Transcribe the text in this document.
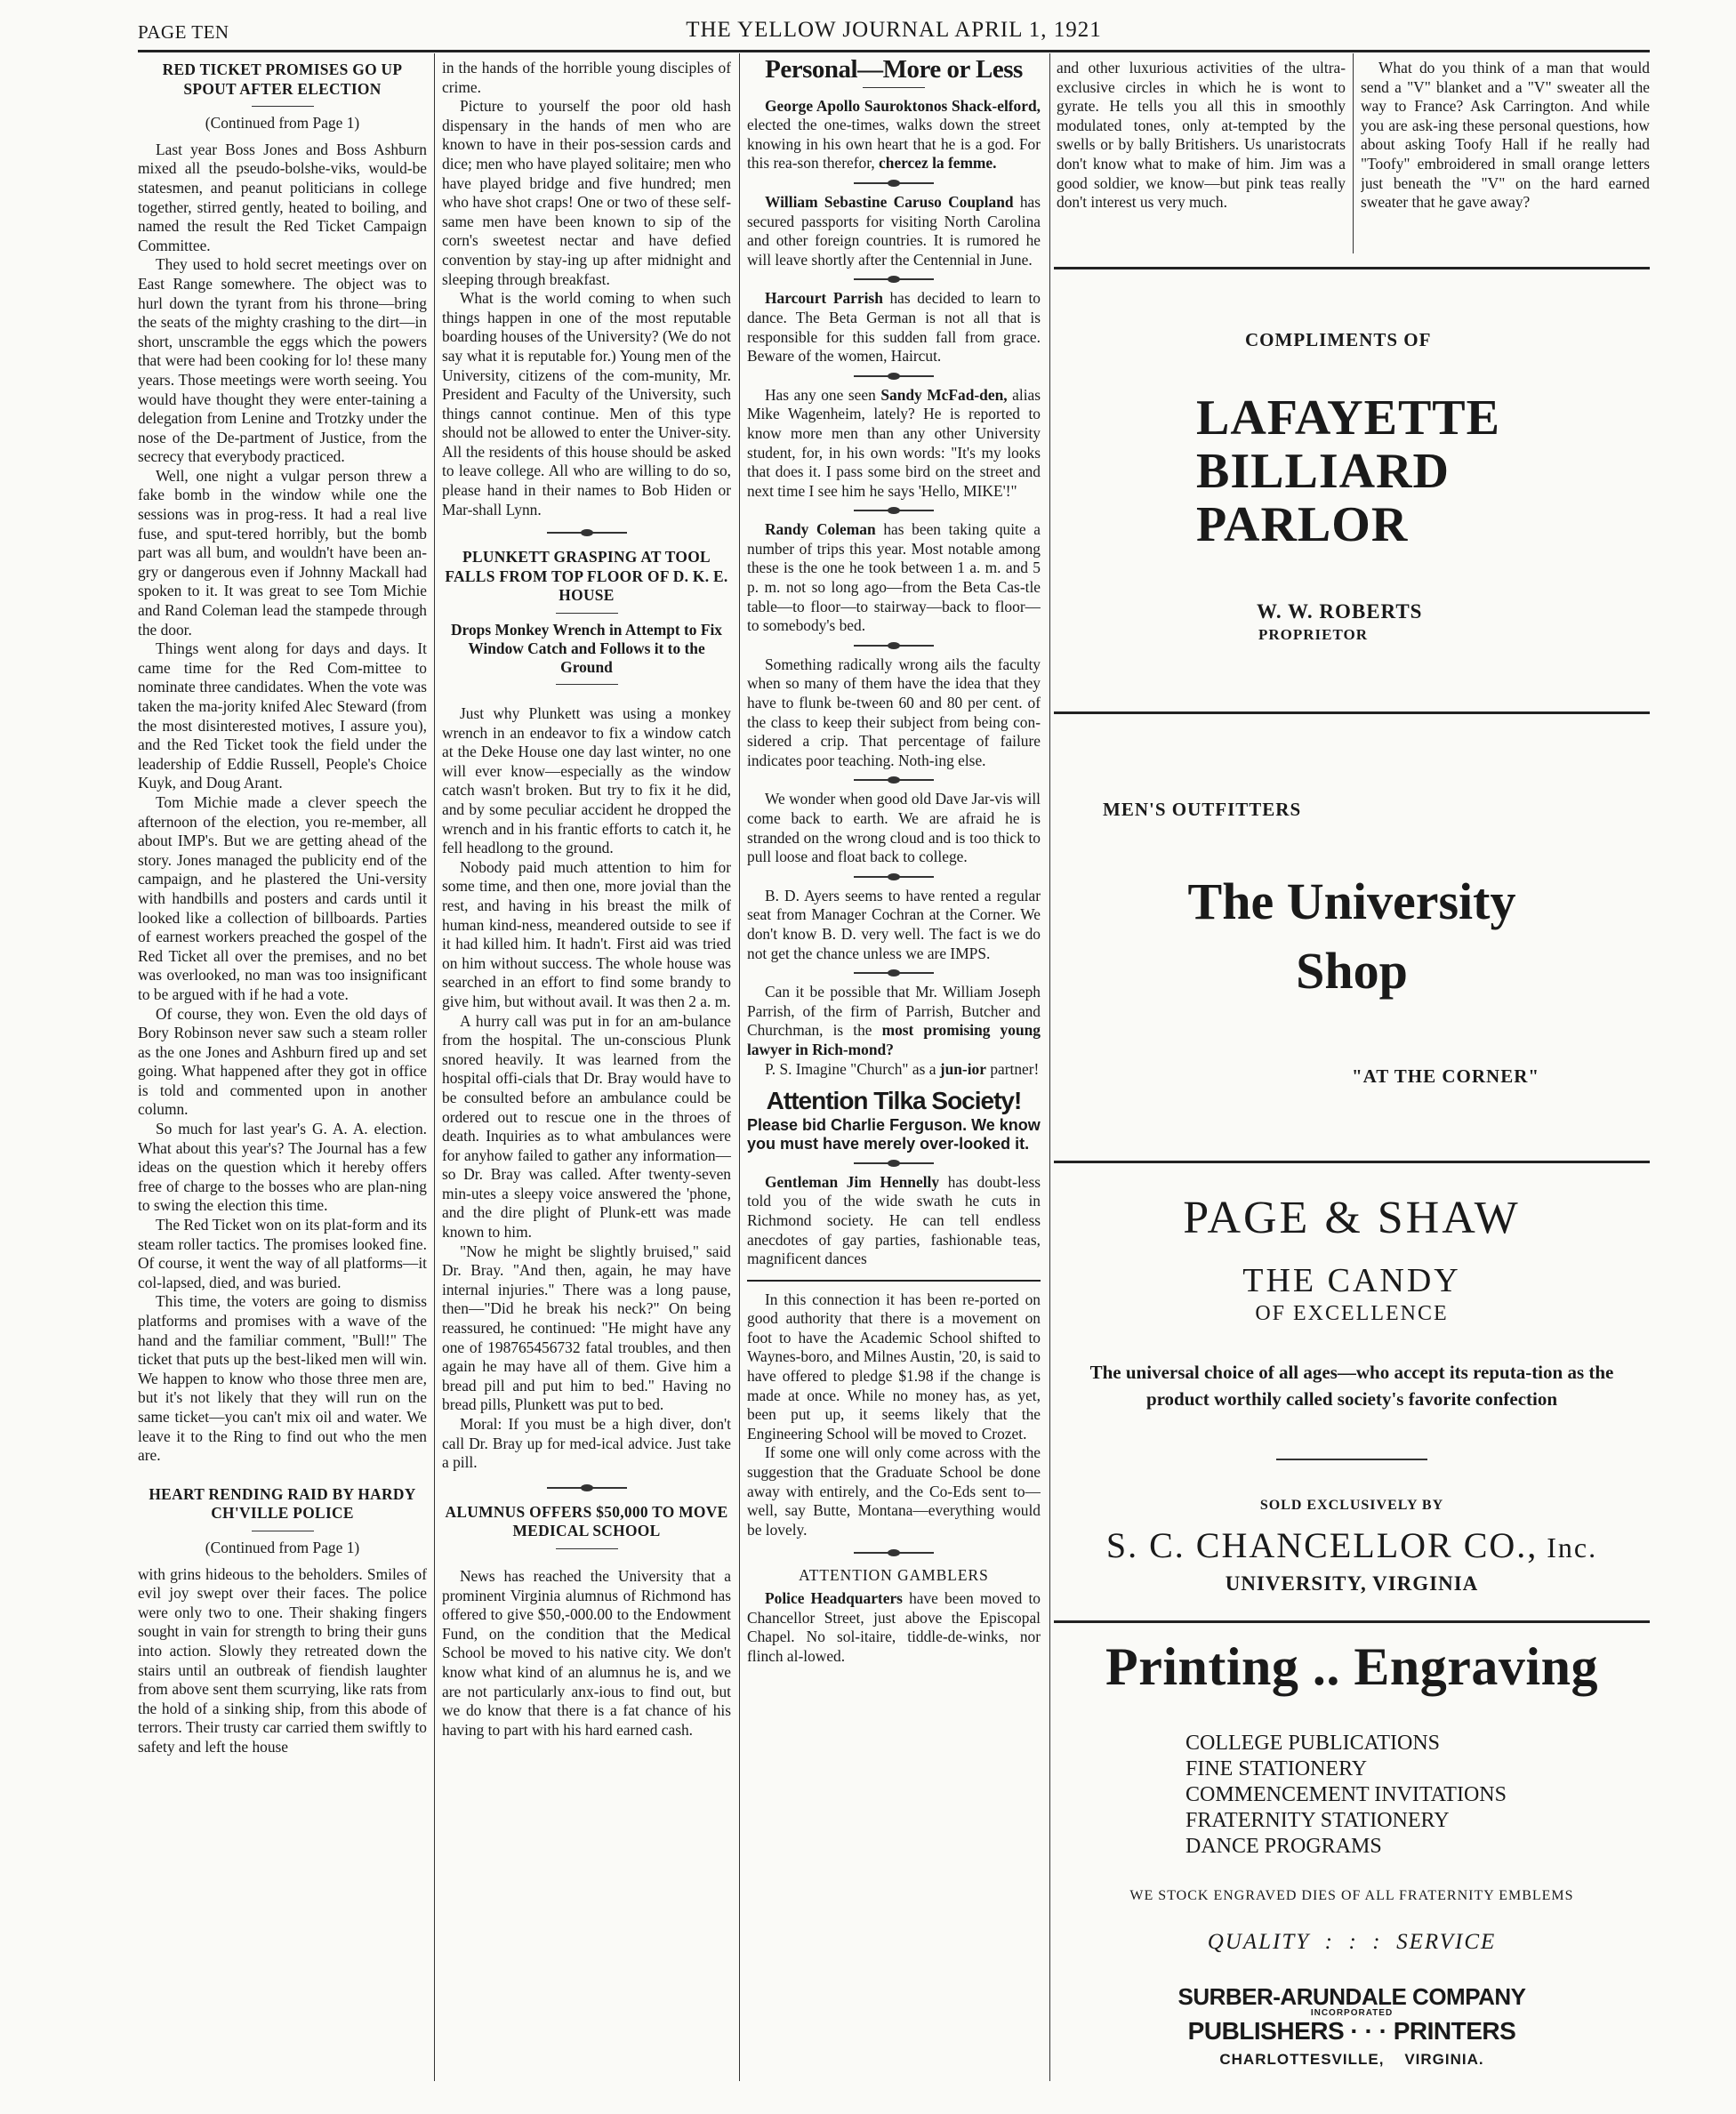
PAGE TEN	THE YELLOW JOURNAL APRIL 1, 1921
RED TICKET PROMISES GO UP SPOUT AFTER ELECTION
(Continued from Page 1)

Last year Boss Jones and Boss Ashburn mixed all the pseudo-bolshe-viks, would-be statesmen, and peanut politicians in college together, stirred gently, heated to boiling, and named the result the Red Ticket Campaign Committee.

They used to hold secret meetings over on East Range somewhere. The object was to hurl down the tyrant from his throne—bring the seats of the mighty crashing to the dirt—in short, unscramble the eggs which the powers that were had been cooking for lo! these many years. Those meetings were worth seeing. You would have thought they were enter-taining a delegation from Lenine and Trotzky under the nose of the De-partment of Justice, from the secrecy that everybody practiced.

Well, one night a vulgar person threw a fake bomb in the window while one the sessions was in prog-ress. It had a real live fuse, and sput-tered horribly, but the bomb part was all bum, and wouldn't have been an-gry or dangerous even if Johnny Mackall had spoken to it. It was great to see Tom Michie and Rand Coleman lead the stampede through the door.

Things went along for days and days. It came time for the Red Com-mittee to nominate three candidates. When the vote was taken the ma-jority knifed Alec Steward (from the most disinterested motives, I assure you), and the Red Ticket took the field under the leadership of Eddie Russell, People's Choice Kuyk, and Doug Arant.

Tom Michie made a clever speech the afternoon of the election, you re-member, all about IMP's. But we are getting ahead of the story. Jones managed the publicity end of the campaign, and he plastered the Uni-versity with handbills and posters and cards until it looked like a collection of billboards. Parties of earnest workers preached the gospel of the Red Ticket all over the premises, and no bet was overlooked, no man was too insignificant to be argued with if he had a vote.

Of course, they won. Even the old days of Bory Robinson never saw such a steam roller as the one Jones and Ashburn fired up and set going. What happened after they got in office is told and commented upon in another column.

So much for last year's G. A. A. election. What about this year's? The Journal has a few ideas on the question which it hereby offers free of charge to the bosses who are plan-ning to swing the election this time.

The Red Ticket won on its plat-form and its steam roller tactics. The promises looked fine. Of course, it went the way of all platforms—it col-lapsed, died, and was buried.

This time, the voters are going to dismiss platforms and promises with a wave of the hand and the familiar comment, "Bull!" The ticket that puts up the best-liked men will win. We happen to know who those three men are, but it's not likely that they will run on the same ticket—you can't mix oil and water. We leave it to the Ring to find out who the men are.

HEART RENDING RAID BY HARDY CH'VILLE POLICE
(Continued from Page 1)

with grins hideous to the beholders. Smiles of evil joy swept over their faces. The police were only two to one. Their shaking fingers sought in vain for strength to bring their guns into action. Slowly they retreated down the stairs until an outbreak of fiendish laughter from above sent them scurrying, like rats from the hold of a sinking ship, from this abode of terrors. Their trusty car carried them swiftly to safety and left the house

in the hands of the horrible young disciples of crime.

Picture to yourself the poor old hash dispensary in the hands of men who are known to have in their pos-session cards and dice; men who have played solitaire; men who have played bridge and five hundred; men who have shot craps! One or two of these self-same men have been known to sip of the corn's sweetest nectar and have defied convention by stay-ing up after midnight and sleeping through breakfast.

What is the world coming to when such things happen in one of the most reputable boarding houses of the University? (We do not say what it is reputable for.) Young men of the University, citizens of the com-munity, Mr. President and Faculty of the University, such things cannot continue. Men of this type should not be allowed to enter the Univer-sity. All the residents of this house should be asked to leave college. All who are willing to do so, please hand in their names to Bob Hiden or Mar-shall Lynn.

PLUNKETT GRASPING AT TOOL FALLS FROM TOP FLOOR OF D. K. E. HOUSE
Drops Monkey Wrench in Attempt to Fix Window Catch and Follows it to the Ground

Just why Plunkett was using a monkey wrench in an endeavor to fix a window catch at the Deke House one day last winter, no one will ever know—especially as the window catch wasn't broken. But try to fix it he did, and by some peculiar accident he dropped the wrench and in his frantic efforts to catch it, he fell headlong to the ground.

Nobody paid much attention to him for some time, and then one, more jovial than the rest, and having in his breast the milk of human kind-ness, meandered outside to see if it had killed him. It hadn't. First aid was tried on him without success. The whole house was searched in an effort to find some brandy to give him, but without avail. It was then 2 a. m.

A hurry call was put in for an am-bulance from the hospital. The un-conscious Plunk snored heavily. It was learned from the hospital offi-cials that Dr. Bray would have to be consulted before an ambulance could be ordered out to rescue one in the throes of death. Inquiries as to what ambulances were for anyhow failed to gather any information—so Dr. Bray was called. After twenty-seven min-utes a sleepy voice answered the 'phone, and the dire plight of Plunk-ett was made known to him.

"Now he might be slightly bruised," said Dr. Bray. "And then, again, he may have internal injuries." There was a long pause, then—"Did he break his neck?" On being reassured, he continued: "He might have any one of 198765456732 fatal troubles, and then again he may have all of them. Give him a bread pill and put him to bed." Having no bread pills, Plunkett was put to bed.

Moral: If you must be a high diver, don't call Dr. Bray up for med-ical advice. Just take a pill.

ALUMNUS OFFERS $50,000 TO MOVE MEDICAL SCHOOL

News has reached the University that a prominent Virginia alumnus of Richmond has offered to give $50,-000.00 to the Endowment Fund, on the condition that the Medical School be moved to his native city. We don't know what kind of an alumnus he is, and we are not particularly anx-ious to find out, but we do know that there is a fat chance of his having to part with his hard earned cash.

Personal—More or Less

George Apollo Sauroktonos Shack-elford, elected the one-times, walks down the street knowing in his own heart that he is a god. For this rea-son therefor, chercez la femme.

William Sebastine Caruso Coupland has secured passports for visiting North Carolina and other foreign countries. It is rumored he will leave shortly after the Centennial in June.

Harcourt Parrish has decided to learn to dance. The Beta German is not all that is responsible for this sudden fall from grace. Beware of the women, Haircut.

Has any one seen Sandy McFad-den, alias Mike Wagenheim, lately? He is reported to know more men than any other University student, for, in his own words: "It's my looks that does it. I pass some bird on the street and next time I see him he says 'Hello, MIKE'!"

Randy Coleman has been taking quite a number of trips this year. Most notable among these is the one he took between 1 a. m. and 5 p. m. not so long ago—from the Beta Cas-tle table—to floor—to stairway—back to floor—to somebody's bed.

Something radically wrong ails the faculty when so many of them have the idea that they have to flunk be-tween 60 and 80 per cent. of the class to keep their subject from being con-sidered a crip. That percentage of failure indicates poor teaching. Noth-ing else.

We wonder when good old Dave Jar-vis will come back to earth. We are afraid he is stranded on the wrong cloud and is too thick to pull loose and float back to college.

B. D. Ayers seems to have rented a regular seat from Manager Cochran at the Corner. We don't know B. D. very well. The fact is we do not get the chance unless we are IMPS.

Can it be possible that Mr. William Joseph Parrish, of the firm of Parrish, Butcher and Churchman, is the most promising young lawyer in Rich-mond?

P. S. Imagine "Church" as a jun-ior partner!

Attention Tilka Society!
Please bid Charlie Ferguson. We know you must have merely over-looked it.

Gentleman Jim Hennelly has doubt-less told you of the wide swath he cuts in Richmond society. He can tell endless anecdotes of gay parties, fashionable teas, magnificent dances

In this connection it has been re-ported on good authority that there is a movement on foot to have the Academic School shifted to Waynes-boro, and Milnes Austin, '20, is said to have offered to pledge $1.98 if the change is made at once. While no money has, as yet, been put up, it seems likely that the Engineering School will be moved to Crozet.

If some one will only come across with the suggestion that the Graduate School be done away with entirely, and the Co-Eds sent to—well, say Butte, Montana—everything would be lovely.

ATTENTION GAMBLERS

Police Headquarters have been moved to Chancellor Street, just above the Episcopal Chapel. No sol-itaire, tiddle-de-winks, nor flinch al-lowed.

and other luxurious activities of the ultra-exclusive circles in which he is wont to gyrate. He tells you all this in smoothly modulated tones, only at-tempted by the swells or by bally Britishers. Us unaristocrats don't know what to make of him. Jim was a good soldier, we know—but pink teas really don't interest us very much.

What do you think of a man that would send a "V" blanket and a "V" sweater all the way to France? Ask Carrington. And while you are ask-ing these personal questions, how about asking Toofy Hall if he really had "Toofy" embroidered in small orange letters just beneath the "V" on the hard earned sweater that he gave away?

COMPLIMENTS OF
LAFAYETTE
BILLIARD
PARLOR
W. W. ROBERTS
PROPRIETOR
MEN'S OUTFITTERS
The University
Shop
"AT THE CORNER"
PAGE & SHAW
THE CANDY
OF EXCELLENCE
The universal choice of all ages—who accept its reputa-tion as the product worthily called society's favorite confection
SOLD EXCLUSIVELY BY
S. C. CHANCELLOR CO., Inc.
UNIVERSITY, VIRGINIA
Printing .. Engraving
COLLEGE PUBLICATIONS
FINE STATIONERY
COMMENCEMENT INVITATIONS
FRATERNITY STATIONERY
DANCE PROGRAMS
WE STOCK ENGRAVED DIES OF ALL FRATERNITY EMBLEMS
QUALITY  :  :  :  SERVICE
SURBER-ARUNDALE COMPANY
INCORPORATED
PUBLISHERS · · · PRINTERS
CHARLOTTESVILLE,    VIRGINIA.
